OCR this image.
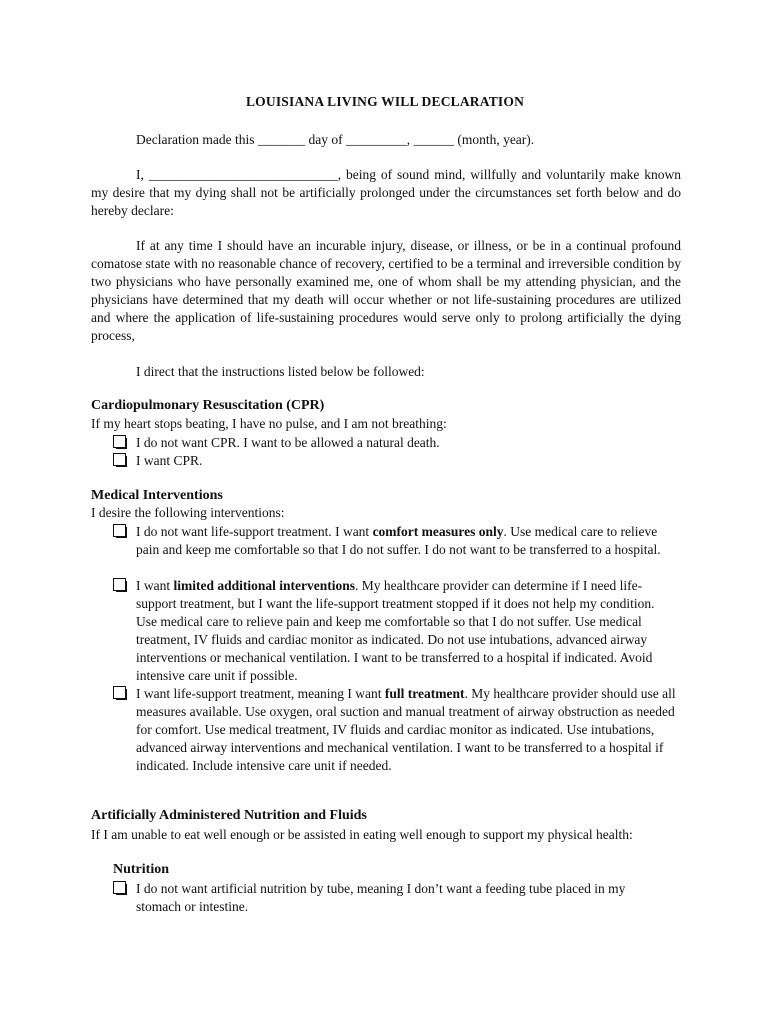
LOUISIANA LIVING WILL DECLARATION
Declaration made this _______ day of _________, ______ (month, year).
I, ____________________________, being of sound mind, willfully and voluntarily make known my desire that my dying shall not be artificially prolonged under the circumstances set forth below and do hereby declare:
If at any time I should have an incurable injury, disease, or illness, or be in a continual profound comatose state with no reasonable chance of recovery, certified to be a terminal and irreversible condition by two physicians who have personally examined me, one of whom shall be my attending physician, and the physicians have determined that my death will occur whether or not life-sustaining procedures are utilized and where the application of life-sustaining procedures would serve only to prolong artificially the dying process,
I direct that the instructions listed below be followed:
Cardiopulmonary Resuscitation (CPR)
If my heart stops beating, I have no pulse, and I am not breathing:
I do not want CPR. I want to be allowed a natural death.
I want CPR.
Medical Interventions
I desire the following interventions:
I do not want life-support treatment. I want comfort measures only. Use medical care to relieve pain and keep me comfortable so that I do not suffer. I do not want to be transferred to a hospital.
I want limited additional interventions. My healthcare provider can determine if I need life-support treatment, but I want the life-support treatment stopped if it does not help my condition. Use medical care to relieve pain and keep me comfortable so that I do not suffer. Use medical treatment, IV fluids and cardiac monitor as indicated. Do not use intubations, advanced airway interventions or mechanical ventilation. I want to be transferred to a hospital if indicated. Avoid intensive care unit if possible.
I want life-support treatment, meaning I want full treatment. My healthcare provider should use all measures available. Use oxygen, oral suction and manual treatment of airway obstruction as needed for comfort. Use medical treatment, IV fluids and cardiac monitor as indicated. Use intubations, advanced airway interventions and mechanical ventilation. I want to be transferred to a hospital if indicated. Include intensive care unit if needed.
Artificially Administered Nutrition and Fluids
If I am unable to eat well enough or be assisted in eating well enough to support my physical health:
Nutrition
I do not want artificial nutrition by tube, meaning I don’t want a feeding tube placed in my stomach or intestine.
